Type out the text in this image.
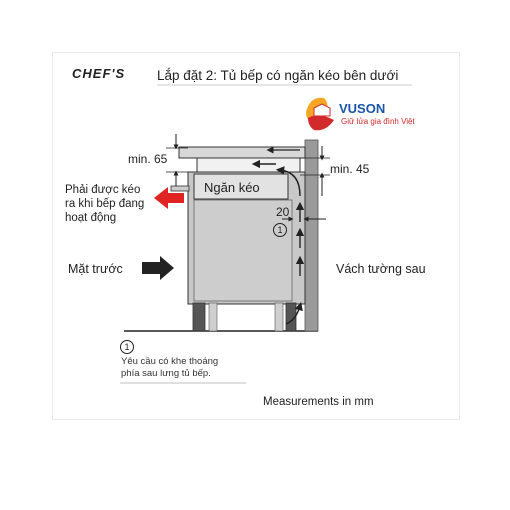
CHEF'S Lắp đặt 2: Tủ bếp có ngăn kéo bên dưới
VUSON
Giữ lửa gia đình Việt
min. 65
min. 45
Ngăn kéo
Phải được kéo
ra khi bếp đang
hoạt động	20
1
Mặt trước	Vách tường sau
1
Yêu cầu có khe thoáng
phía sau lưng tủ bếp.
Measurements in mm
